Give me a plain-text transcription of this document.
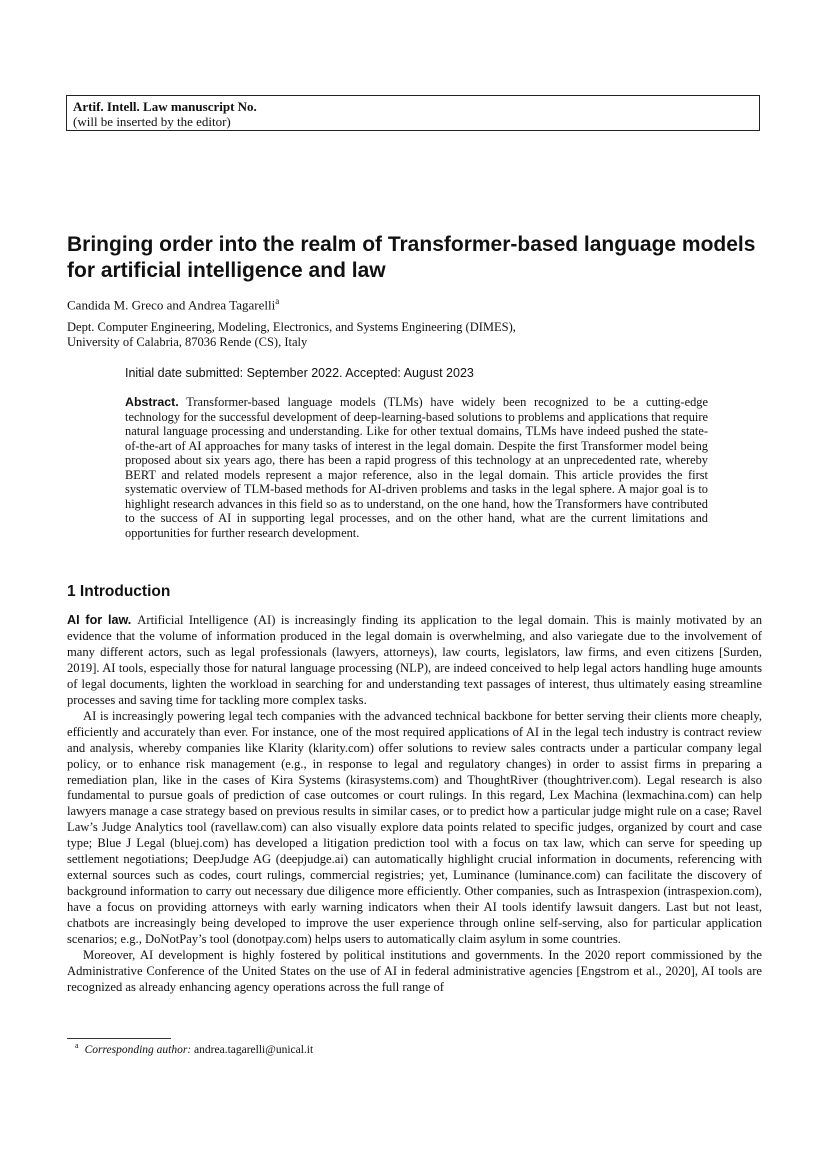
Artif. Intell. Law manuscript No.
(will be inserted by the editor)
Bringing order into the realm of Transformer-based language models for artificial intelligence and law
Candida M. Greco and Andrea Tagarelli$^a$
Dept. Computer Engineering, Modeling, Electronics, and Systems Engineering (DIMES),
University of Calabria, 87036 Rende (CS), Italy
Initial date submitted: September 2022. Accepted: August 2023

Abstract. Transformer-based language models (TLMs) have widely been recognized to be a cutting-edge technology for the successful development of deep-learning-based solutions to problems and applications that require natural language processing and understanding. Like for other textual domains, TLMs have indeed pushed the state-of-the-art of AI approaches for many tasks of interest in the legal domain. Despite the first Transformer model being proposed about six years ago, there has been a rapid progress of this technology at an unprecedented rate, whereby BERT and related models represent a major reference, also in the legal domain. This article provides the first systematic overview of TLM-based methods for AI-driven problems and tasks in the legal sphere. A major goal is to highlight research advances in this field so as to understand, on the one hand, how the Transformers have contributed to the success of AI in supporting legal processes, and on the other hand, what are the current limitations and opportunities for further research development.

1 Introduction

AI for law. Artificial Intelligence (AI) is increasingly finding its application to the legal domain. This is mainly motivated by an evidence that the volume of information produced in the legal domain is overwhelming, and also variegate due to the involvement of many different actors, such as legal professionals (lawyers, attorneys), law courts, legislators, law firms, and even citizens [Surden, 2019]. AI tools, especially those for natural language processing (NLP), are indeed conceived to help legal actors handling huge amounts of legal documents, lighten the workload in searching for and understanding text passages of interest, thus ultimately easing streamline processes and saving time for tackling more complex tasks.

AI is increasingly powering legal tech companies with the advanced technical backbone for better serving their clients more cheaply, efficiently and accurately than ever. For instance, one of the most required applications of AI in the legal tech industry is contract review and analysis, whereby companies like Klarity (klarity.com) offer solutions to review sales contracts under a particular company legal policy, or to enhance risk management (e.g., in response to legal and regulatory changes) in order to assist firms in preparing a remediation plan, like in the cases of Kira Systems (kirasystems.com) and ThoughtRiver (thoughtriver.com). Legal research is also fundamental to pursue goals of prediction of case outcomes or court rulings. In this regard, Lex Machina (lexmachina.com) can help lawyers manage a case strategy based on previous results in similar cases, or to predict how a particular judge might rule on a case; Ravel Law’s Judge Analytics tool (ravellaw.com) can also visually explore data points related to specific judges, organized by court and case type; Blue J Legal (bluej.com) has developed a litigation prediction tool with a focus on tax law, which can serve for speeding up settlement negotiations; DeepJudge AG (deepjudge.ai) can automatically highlight crucial information in documents, referencing with external sources such as codes, court rulings, commercial registries; yet, Luminance (luminance.com) can facilitate the discovery of background information to carry out necessary due diligence more efficiently. Other companies, such as Intraspexion (intraspexion.com), have a focus on providing attorneys with early warning indicators when their AI tools identify lawsuit dangers. Last but not least, chatbots are increasingly being developed to improve the user experience through online self-serving, also for particular application scenarios; e.g., DoNotPay’s tool (donotpay.com) helps users to automatically claim asylum in some countries.

Moreover, AI development is highly fostered by political institutions and governments. In the 2020 report commissioned by the Administrative Conference of the United States on the use of AI in federal administrative agencies [Engstrom et al., 2020], AI tools are recognized as already enhancing agency operations across the full range of

$^a$ Corresponding author: andrea.tagarelli@unical.it
